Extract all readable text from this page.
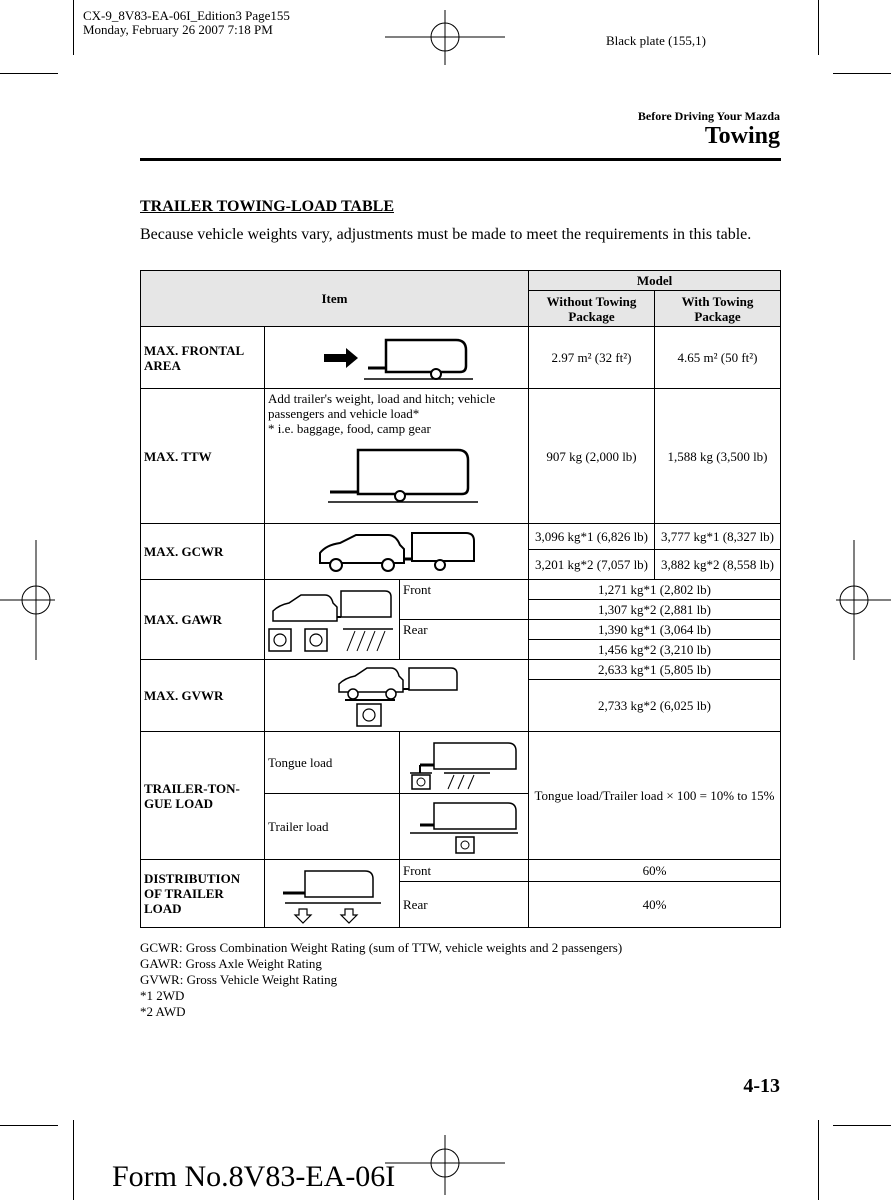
CX-9_8V83-EA-06I_Edition3 Page155
Monday, February 26 2007 7:18 PM
Black plate (155,1)
Before Driving Your Mazda
Towing
TRAILER TOWING-LOAD TABLE
Because vehicle weights vary, adjustments must be made to meet the requirements in this table.
Item			Model	
			Without Towing Package	With Towing Package
MAX. FRONTAL AREA			2.97 m² (32 ft²)	4.65 m² (50 ft²)
MAX. TTW	Add trailer's weight, load and hitch; vehicle passengers and vehicle load*
* i.e. baggage, food, camp gear		907 kg (2,000 lb)	1,588 kg (3,500 lb)
MAX. GCWR			3,096 kg*1 (6,826 lb)	3,777 kg*1 (8,327 lb)
			3,201 kg*2 (7,057 lb)	3,882 kg*2 (8,558 lb)
MAX. GAWR		Front	1,271 kg*1 (2,802 lb)	
			1,307 kg*2 (2,881 lb)	
		Rear	1,390 kg*1 (3,064 lb)	
			1,456 kg*2 (3,210 lb)	
MAX. GVWR			2,633 kg*1 (5,805 lb)	
			2,733 kg*2 (6,025 lb)	
TRAILER-TON-GUE LOAD	Tongue load		Tongue load/Trailer load × 100 = 10% to 15%	
	Trailer load	

DISTRIBUTION OF TRAILER LOAD		Front	60%	
		Rear	40%	
GCWR: Gross Combination Weight Rating (sum of TTW, vehicle weights and 2 passengers)
GAWR: Gross Axle Weight Rating
GVWR: Gross Vehicle Weight Rating
*1 2WD
*2 AWD
4-13
Form No.8V83-EA-06I
